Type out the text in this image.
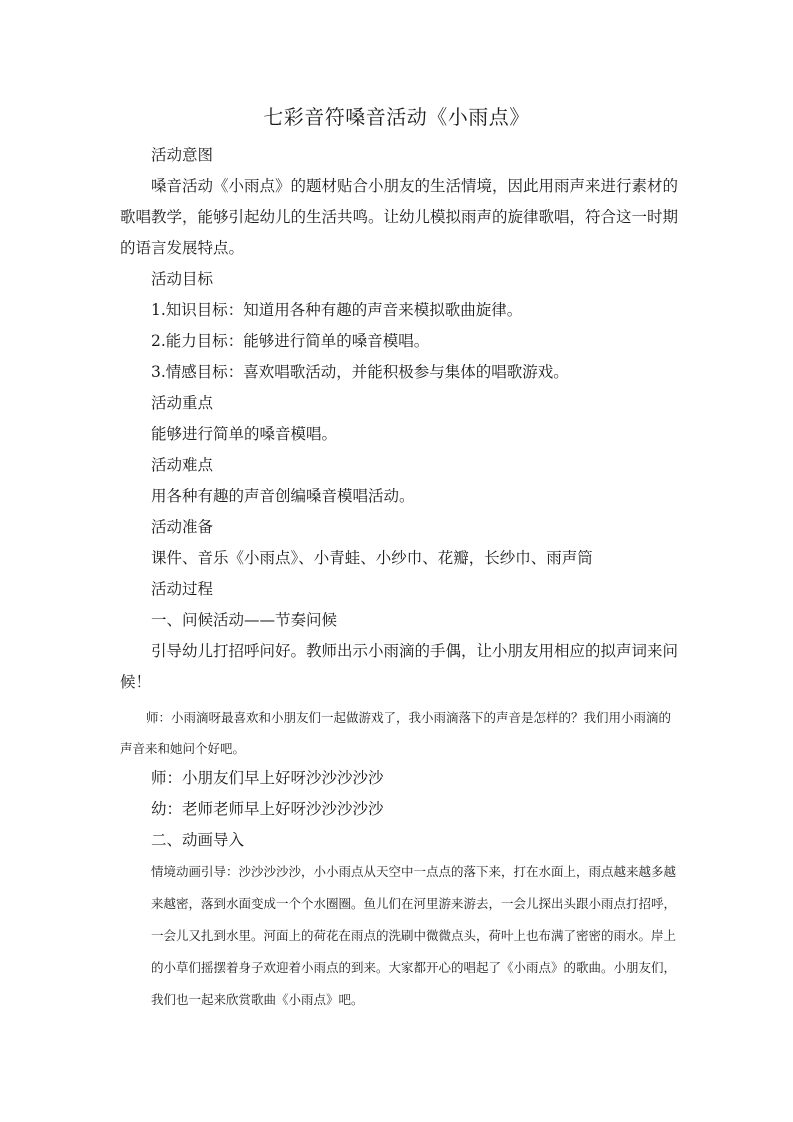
七彩音符嗓音活动《小雨点》

活动意图

嗓音活动《小雨点》的题材贴合小朋友的生活情境，因此用雨声来进行素材的歌唱教学，能够引起幼儿的生活共鸣。让幼儿模拟雨声的旋律歌唱，符合这一时期的语言发展特点。

活动目标

1.知识目标：知道用各种有趣的声音来模拟歌曲旋律。

2.能力目标：能够进行简单的嗓音模唱。

3.情感目标：喜欢唱歌活动，并能积极参与集体的唱歌游戏。

活动重点

能够进行简单的嗓音模唱。

活动难点

用各种有趣的声音创编嗓音模唱活动。

活动准备

课件、音乐《小雨点》、小青蛙、小纱巾、花瓣，长纱巾、雨声筒

活动过程

一、问候活动——节奏问候

引导幼儿打招呼问好。教师出示小雨滴的手偶，让小朋友用相应的拟声词来问候！

师：小雨滴呀最喜欢和小朋友们一起做游戏了，我小雨滴落下的声音是怎样的？我们用小雨滴的声音来和她问个好吧。

师：小朋友们早上好呀沙沙沙沙沙

幼：老师老师早上好呀沙沙沙沙沙

二、动画导入

情境动画引导：沙沙沙沙沙，小小雨点从天空中一点点的落下来，打在水面上，雨点越来越多越来越密，落到水面变成一个个水圈圈。鱼儿们在河里游来游去，一会儿探出头跟小雨点打招呼，一会儿又扎到水里。河面上的荷花在雨点的洗刷中微微点头，荷叶上也布满了密密的雨水。岸上的小草们摇摆着身子欢迎着小雨点的到来。大家都开心的唱起了《小雨点》的歌曲。小朋友们，我们也一起来欣赏歌曲《小雨点》吧。
